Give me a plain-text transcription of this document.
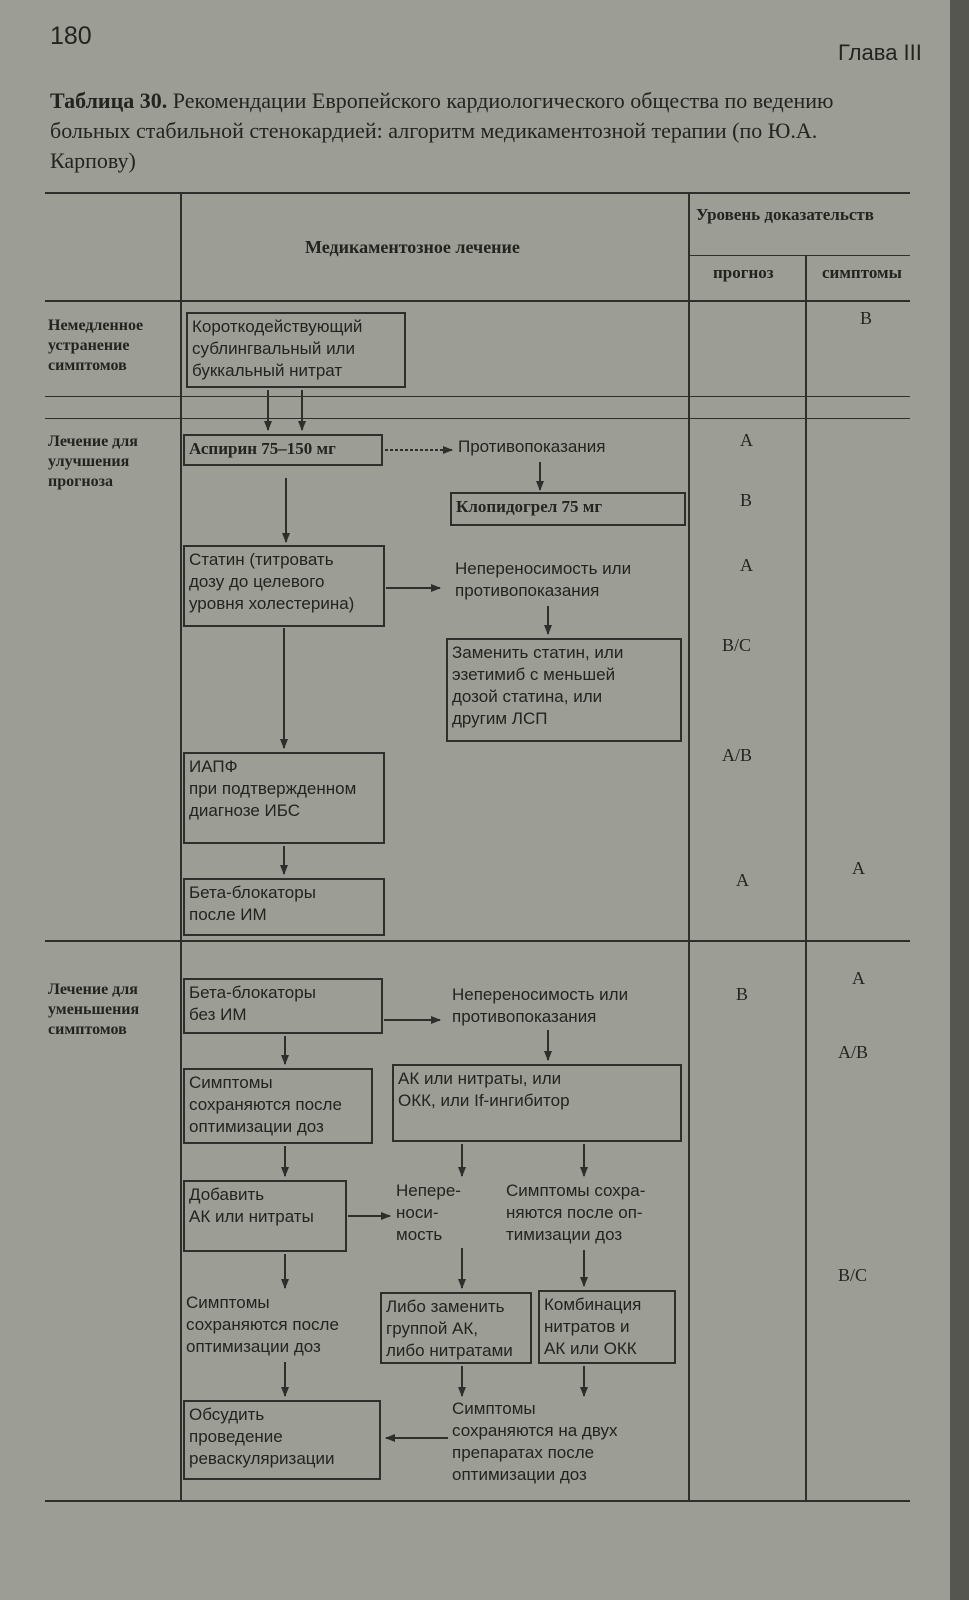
180
Глава III
Таблица 30. Рекомендации Европейского кардиологического общества по ведению больных стабильной стенокардией: алгоритм медикаментозной терапии (по Ю.А. Карпову)
Медикаментозное лечение
Уровень доказательств
прогноз	симптомы
Немедленное устранение симптомов
Лечение для улучшения прогноза
Лечение для уменьшения симптомов
Короткодействующий
сублингвальный или
буккальный нитрат
Аспирин 75–150 мг	Противопоказания
Клопидогрел 75 мг
Статин (титровать
дозу до целевого
уровня холестерина)
Непереносимость или
противопоказания
Заменить статин, или
эзетимиб с меньшей
дозой статина, или
другим ЛСП
ИАПФ
при подтвержденном
диагнозе ИБС
Бета-блокаторы
после ИМ
Бета-блокаторы
без ИМ
Непереносимость или
противопоказания
Симптомы
сохраняются после
оптимизации доз
АК или нитраты, или
ОКК, или If-ингибитор
Добавить
АК или нитраты
Непере-
носи-
мость
Симптомы сохра-
няются после оп-
тимизации доз
Симптомы
сохраняются после
оптимизации доз
Либо заменить
группой АК,
либо нитратами
Комбинация
нитратов и
АК или ОКК
Обсудить
проведение
реваскуляризации
Симптомы
сохраняются на двух
препаратах после
оптимизации доз
B
A
B
A
B/C
A/B
A
A
B
A
A/B
B/C
